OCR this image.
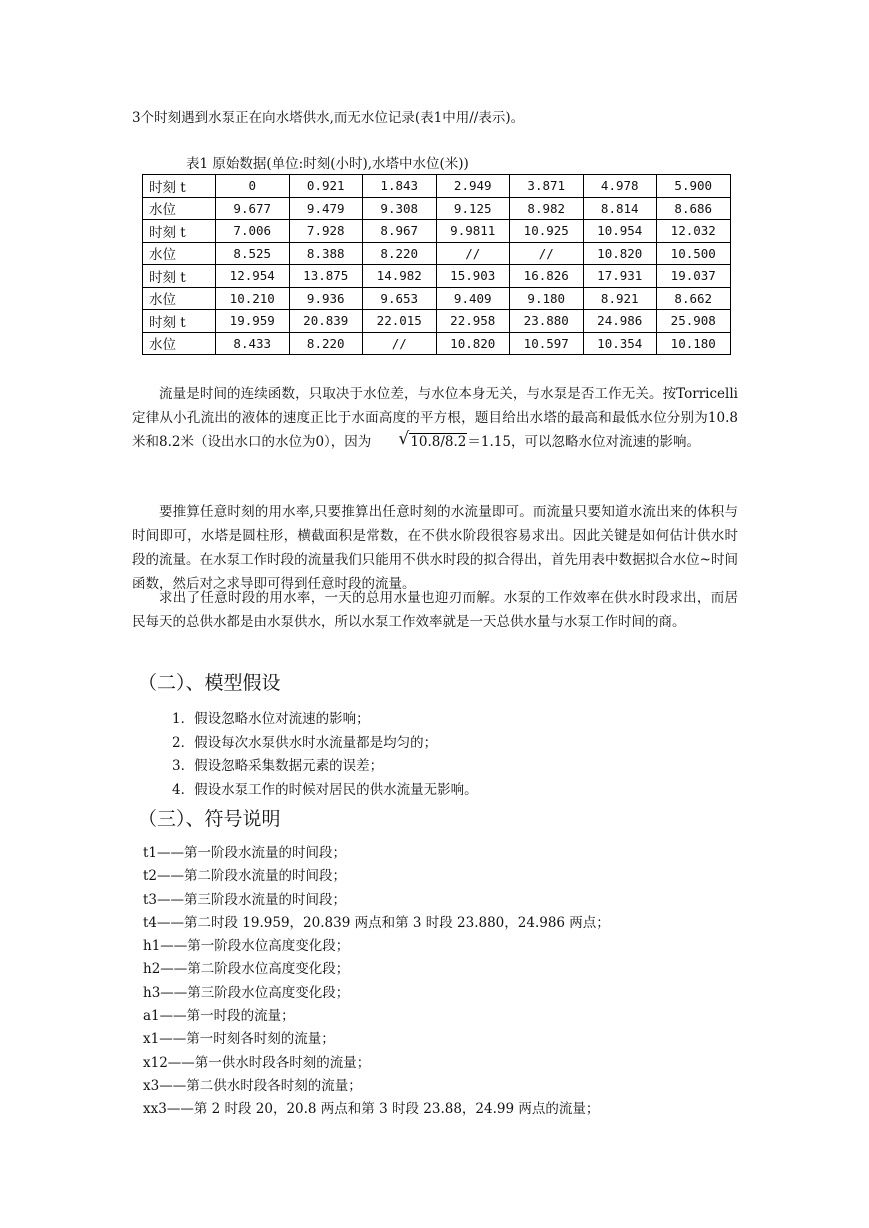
3个时刻遇到水泵正在向水塔供水,而无水位记录(表1中用//表示)。
表1 原始数据(单位:时刻(小时),水塔中水位(米))
时刻 t	0	0.921	1.843	2.949	3.871	4.978	5.900
水位	9.677	9.479	9.308	9.125	8.982	8.814	8.686
时刻 t	7.006	7.928	8.967	9.9811	10.925	10.954	12.032
水位	8.525	8.388	8.220	//	//	10.820	10.500
时刻 t	12.954	13.875	14.982	15.903	16.826	17.931	19.037
水位	10.210	9.936	9.653	9.409	9.180	8.921	8.662
时刻 t	19.959	20.839	22.015	22.958	23.880	24.986	25.908
水位	8.433	8.220	//	10.820	10.597	10.354	10.180
流量是时间的连续函数，只取决于水位差，与水位本身无关，与水泵是否工作无关。按Torricelli定律从小孔流出的液体的速度正比于水面高度的平方根，题目给出水塔的最高和最低水位分别为10.8米和8.2米（设出水口的水位为0），因为	√ 10.8/8.2＝1.15，可以忽略水位对流速的影响。
要推算任意时刻的用水率,只要推算出任意时刻的水流量即可。而流量只要知道水流出来的体积与时间即可，水塔是圆柱形，横截面积是常数，在不供水阶段很容易求出。因此关键是如何估计供水时段的流量。在水泵工作时段的流量我们只能用不供水时段的拟合得出，首先用表中数据拟合水位~时间函数，然后对之求导即可得到任意时段的流量。
求出了任意时段的用水率，一天的总用水量也迎刃而解。水泵的工作效率在供水时段求出，而居民每天的总供水都是由水泵供水，所以水泵工作效率就是一天总供水量与水泵工作时间的商。
（二）、模型假设
1．假设忽略水位对流速的影响；
2．假设每次水泵供水时水流量都是均匀的；
3．假设忽略采集数据元素的误差；
4．假设水泵工作的时候对居民的供水流量无影响。
（三）、符号说明
t1——第一阶段水流量的时间段；
t2——第二阶段水流量的时间段；
t3——第三阶段水流量的时间段；
t4——第二时段 19.959，20.839 两点和第 3 时段 23.880，24.986 两点；
h1——第一阶段水位高度变化段；
h2——第二阶段水位高度变化段；
h3——第三阶段水位高度变化段；
a1——第一时段的流量；
x1——第一时刻各时刻的流量；
x12——第一供水时段各时刻的流量；
x3——第二供水时段各时刻的流量；
xx3——第 2 时段 20，20.8 两点和第 3 时段 23.88，24.99 两点的流量；
